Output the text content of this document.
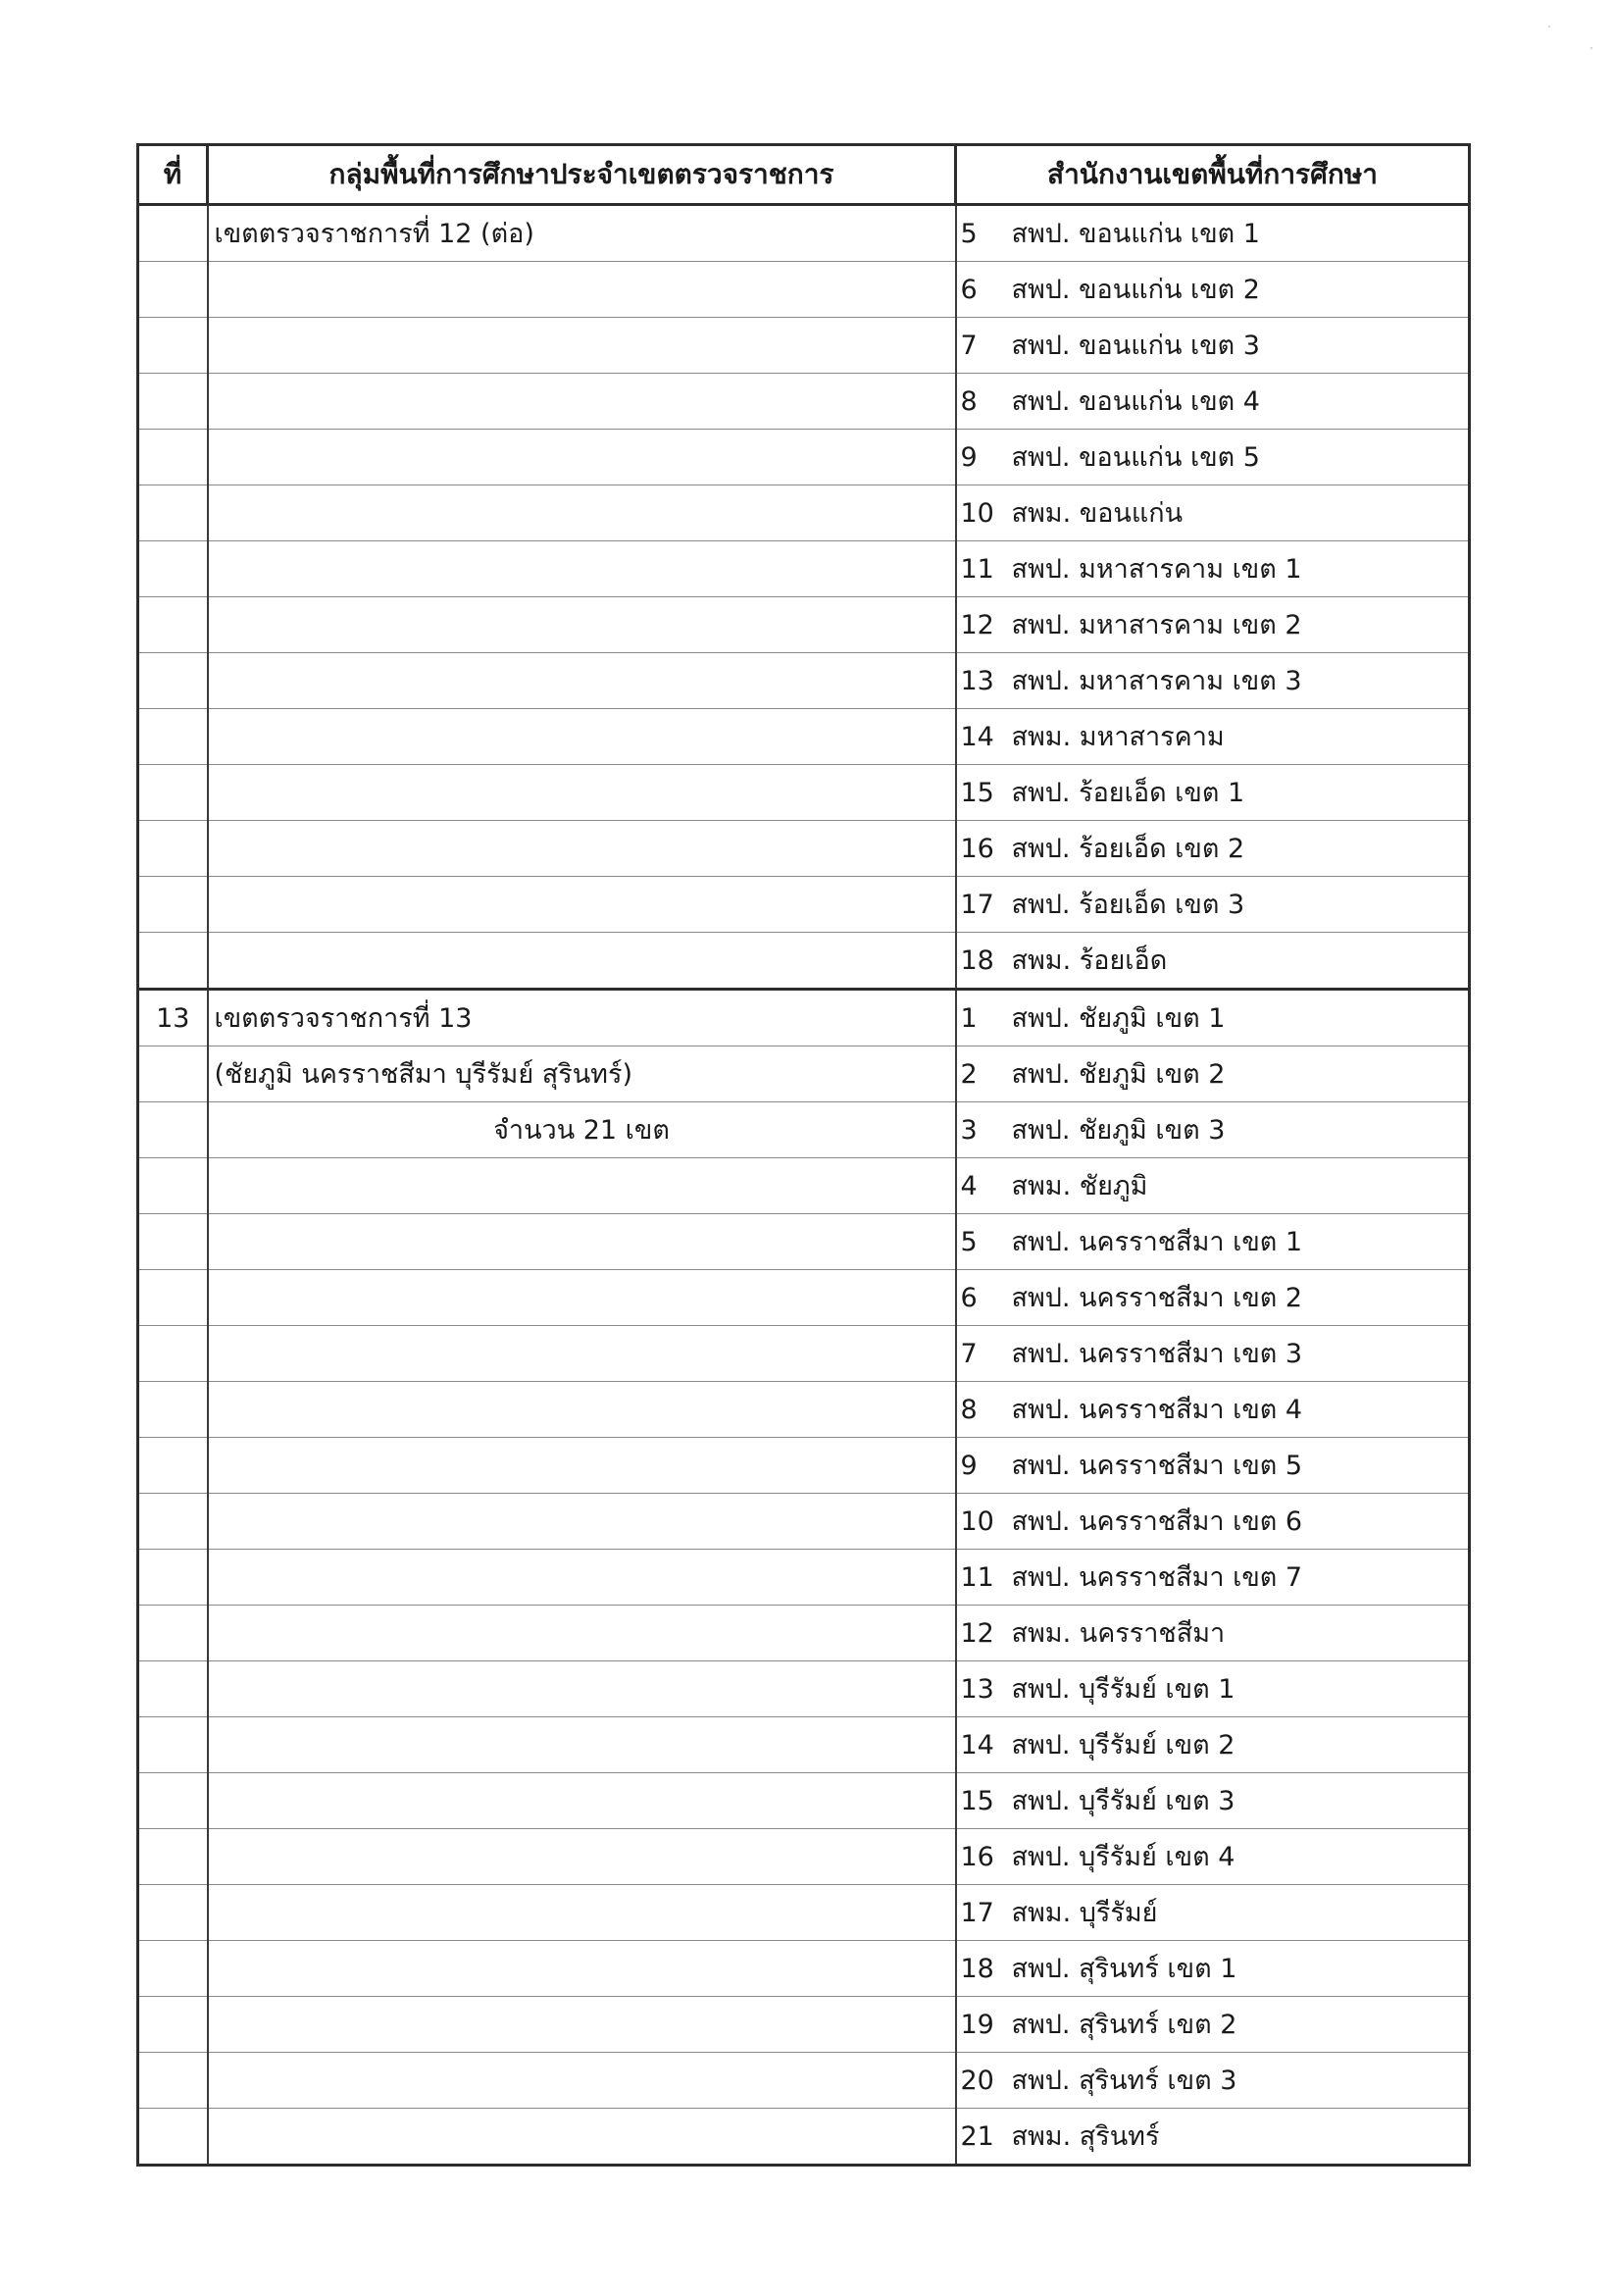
ที่	กลุ่มพื้นที่การศึกษาประจำเขตตรวจราชการ	สำนักงานเขตพื้นที่การศึกษา

	เขตตรวจราชการที่ 12 (ต่อ)	5 สพป. ขอนแก่น เขต 1

		6 สพป. ขอนแก่น เขต 2

		7 สพป. ขอนแก่น เขต 3

		8 สพป. ขอนแก่น เขต 4

		9 สพป. ขอนแก่น เขต 5

		10 สพม. ขอนแก่น

		11 สพป. มหาสารคาม เขต 1

		12 สพป. มหาสารคาม เขต 2

		13 สพป. มหาสารคาม เขต 3

		14 สพม. มหาสารคาม

		15 สพป. ร้อยเอ็ด เขต 1

		16 สพป. ร้อยเอ็ด เขต 2

		17 สพป. ร้อยเอ็ด เขต 3

		18 สพม. ร้อยเอ็ด

13	เขตตรวจราชการที่ 13	1 สพป. ชัยภูมิ เขต 1

	(ชัยภูมิ นครราชสีมา บุรีรัมย์ สุรินทร์)	2 สพป. ชัยภูมิ เขต 2

	จำนวน 21 เขต	3 สพป. ชัยภูมิ เขต 3

		4 สพม. ชัยภูมิ

		5 สพป. นครราชสีมา เขต 1

		6 สพป. นครราชสีมา เขต 2

		7 สพป. นครราชสีมา เขต 3

		8 สพป. นครราชสีมา เขต 4

		9 สพป. นครราชสีมา เขต 5

		10 สพป. นครราชสีมา เขต 6

		11 สพป. นครราชสีมา เขต 7

		12 สพม. นครราชสีมา

		13 สพป. บุรีรัมย์ เขต 1

		14 สพป. บุรีรัมย์ เขต 2

		15 สพป. บุรีรัมย์ เขต 3

		16 สพป. บุรีรัมย์ เขต 4

		17 สพม. บุรีรัมย์

		18 สพป. สุรินทร์ เขต 1

		19 สพป. สุรินทร์ เขต 2

		20 สพป. สุรินทร์ เขต 3

		21 สพม. สุรินทร์
